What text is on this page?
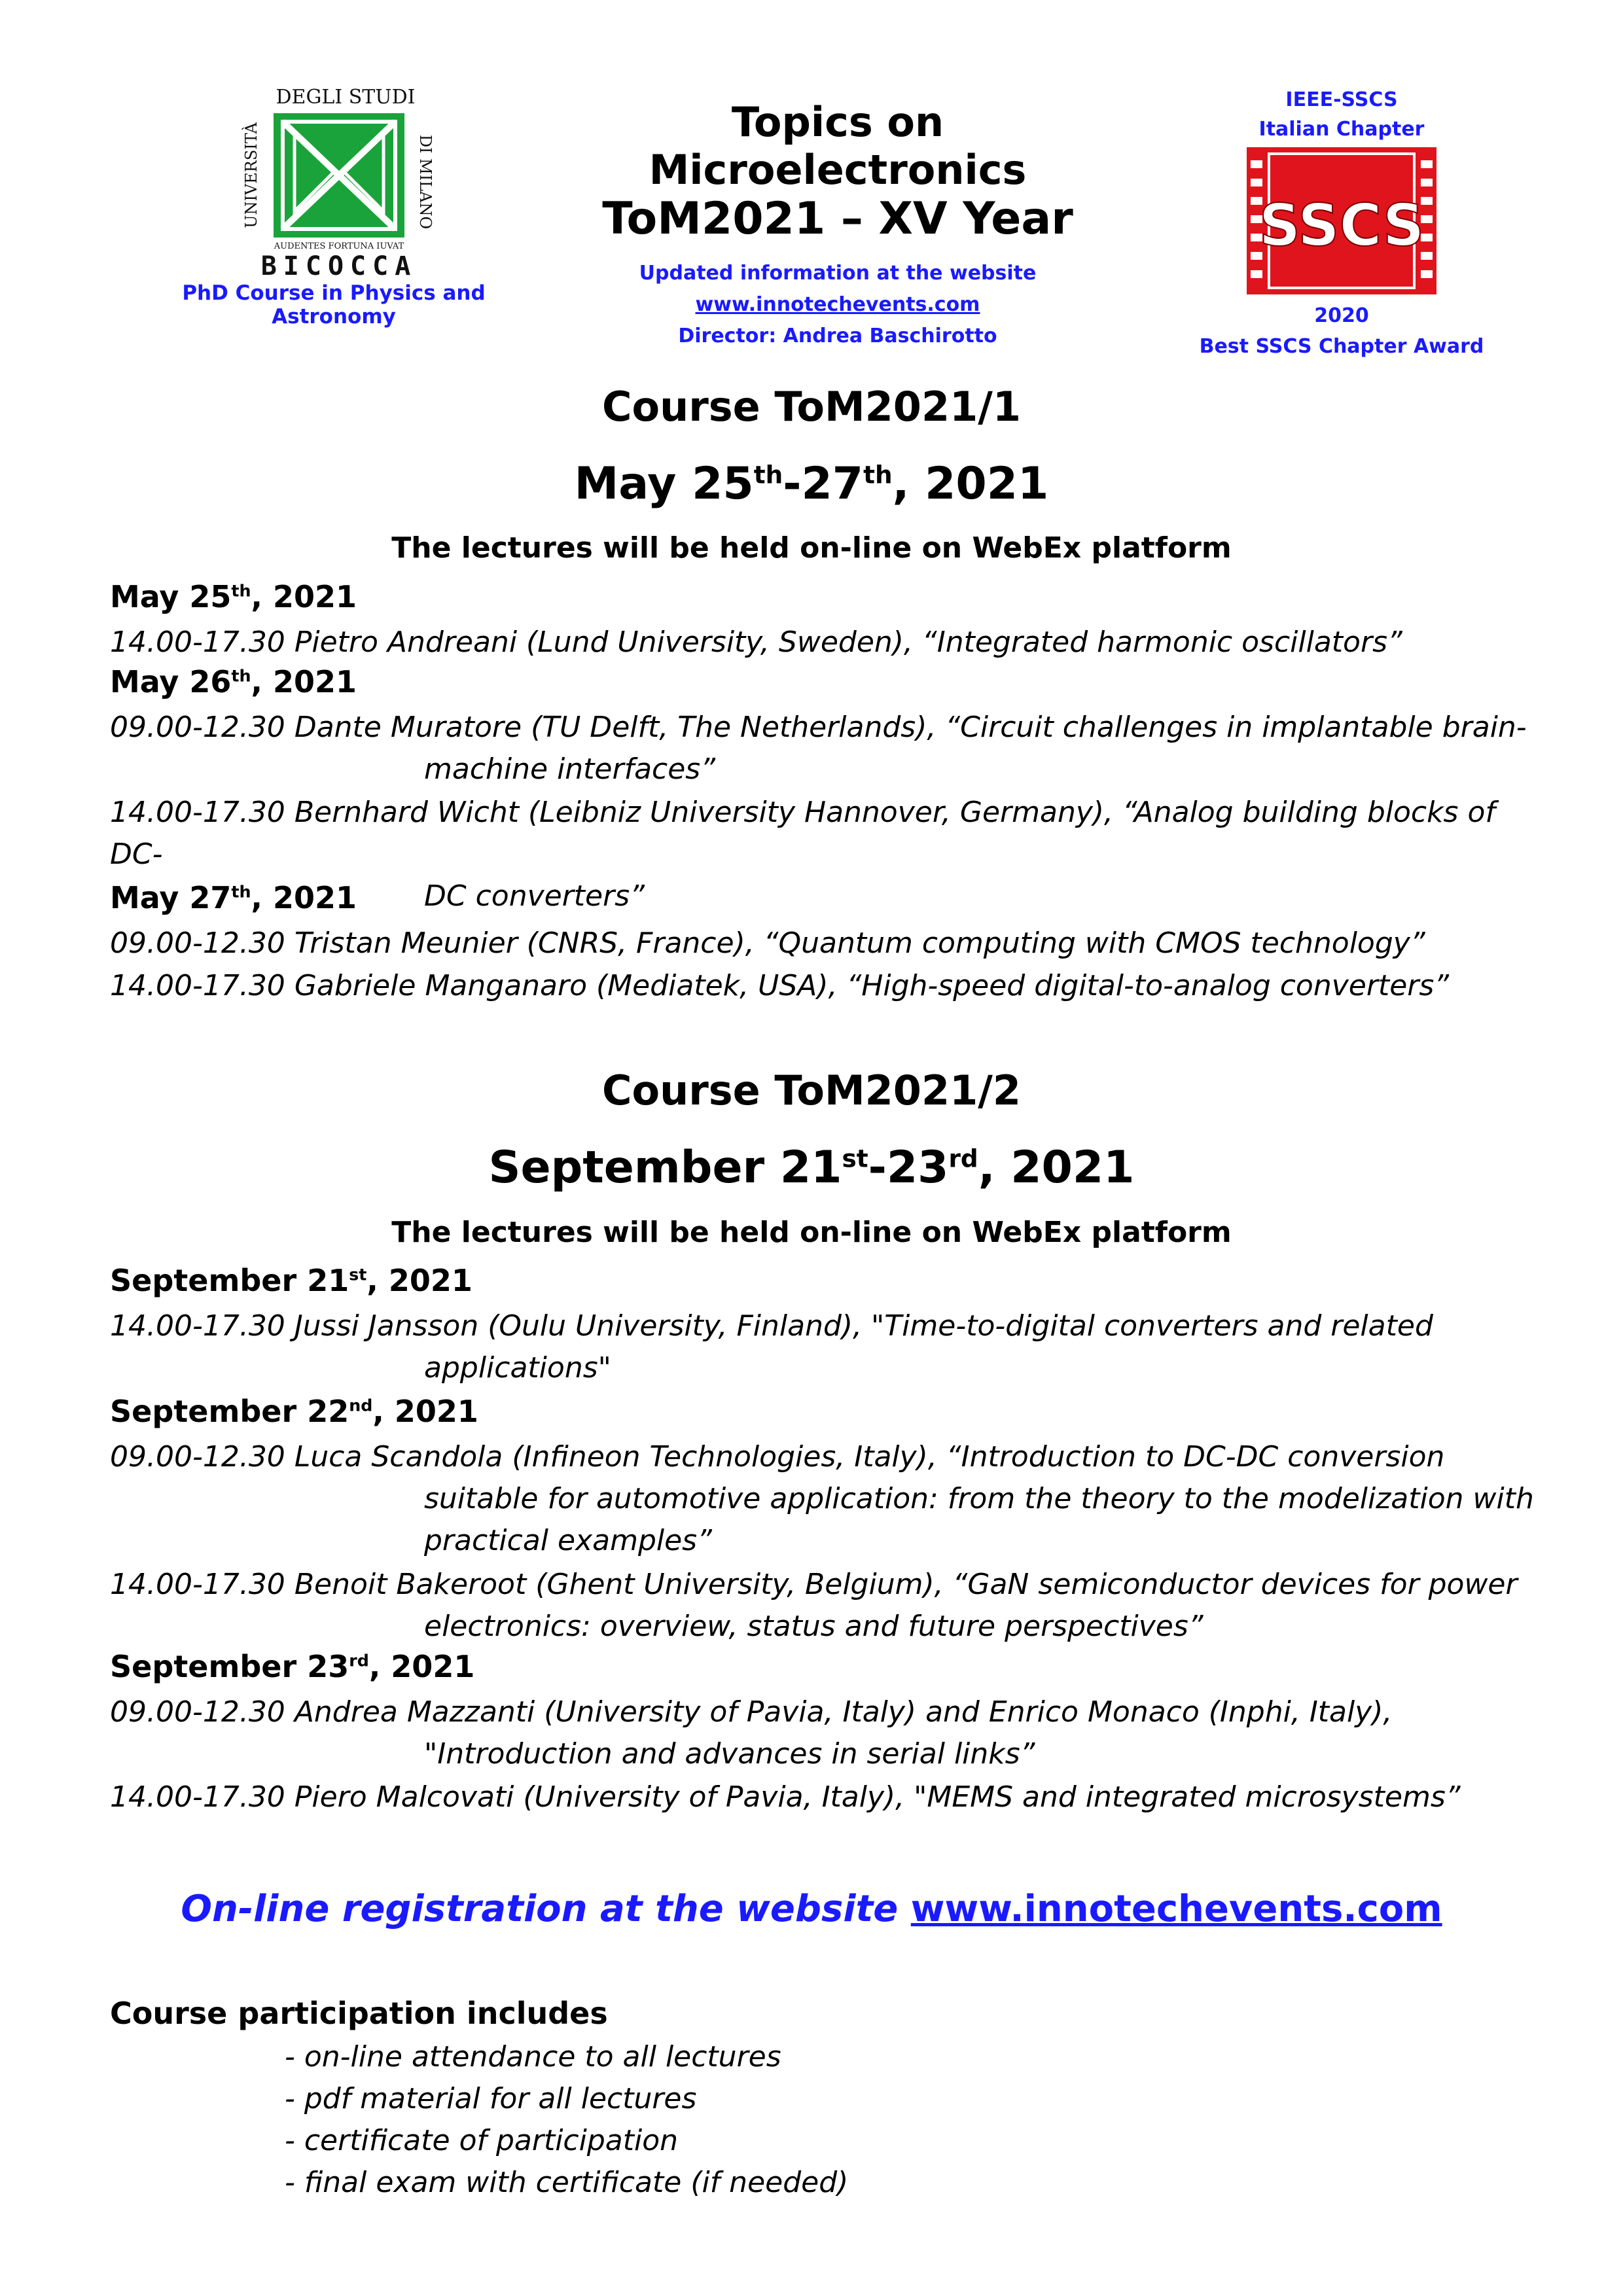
UNIVERSITÀ
DEGLI STUDI
DI MILANO
AUDENTES FORTUNA IUVAT
BICOCCA
PhD Course in Physics and Astronomy
Topics on Microelectronics
ToM2021 – XV Year
Updated information at the website
www.innotechevents.com
Director: Andrea Baschirotto
IEEE-SSCS
Italian Chapter
SSCS
2020
Best SSCS Chapter Award
Course ToM2021/1
May 25th-27th, 2021
The lectures will be held on-line on WebEx platform
May 25th, 2021
14.00-17.30 Pietro Andreani (Lund University, Sweden), “Integrated harmonic oscillators”
May 26th, 2021
09.00-12.30 Dante Muratore (TU Delft, The Netherlands), “Circuit challenges in implantable brain-
machine interfaces”
14.00-17.30 Bernhard Wicht (Leibniz University Hannover, Germany), “Analog building blocks of DC-
DC converters”
May 27th, 2021
09.00-12.30 Tristan Meunier (CNRS, France), “Quantum computing with CMOS technology”
14.00-17.30 Gabriele Manganaro (Mediatek, USA), “High-speed digital-to-analog converters”
Course ToM2021/2
September 21st-23rd, 2021
The lectures will be held on-line on WebEx platform
September 21st, 2021
14.00-17.30 Jussi Jansson (Oulu University, Finland), "Time-to-digital converters and related
applications"
September 22nd, 2021
09.00-12.30 Luca Scandola (Infineon Technologies, Italy), “Introduction to DC-DC conversion
suitable for automotive application: from the theory to the modelization with
practical examples”
14.00-17.30 Benoit Bakeroot (Ghent University, Belgium), “GaN semiconductor devices for power
electronics: overview, status and future perspectives”
September 23rd, 2021
09.00-12.30 Andrea Mazzanti (University of Pavia, Italy) and Enrico Monaco (Inphi, Italy),
"Introduction and advances in serial links”
14.00-17.30 Piero Malcovati (University of Pavia, Italy), "MEMS and integrated microsystems”
On-line registration at the website www.innotechevents.com
Course participation includes
- on-line attendance to all lectures
- pdf material for all lectures
- certificate of participation
- final exam with certificate (if needed)
